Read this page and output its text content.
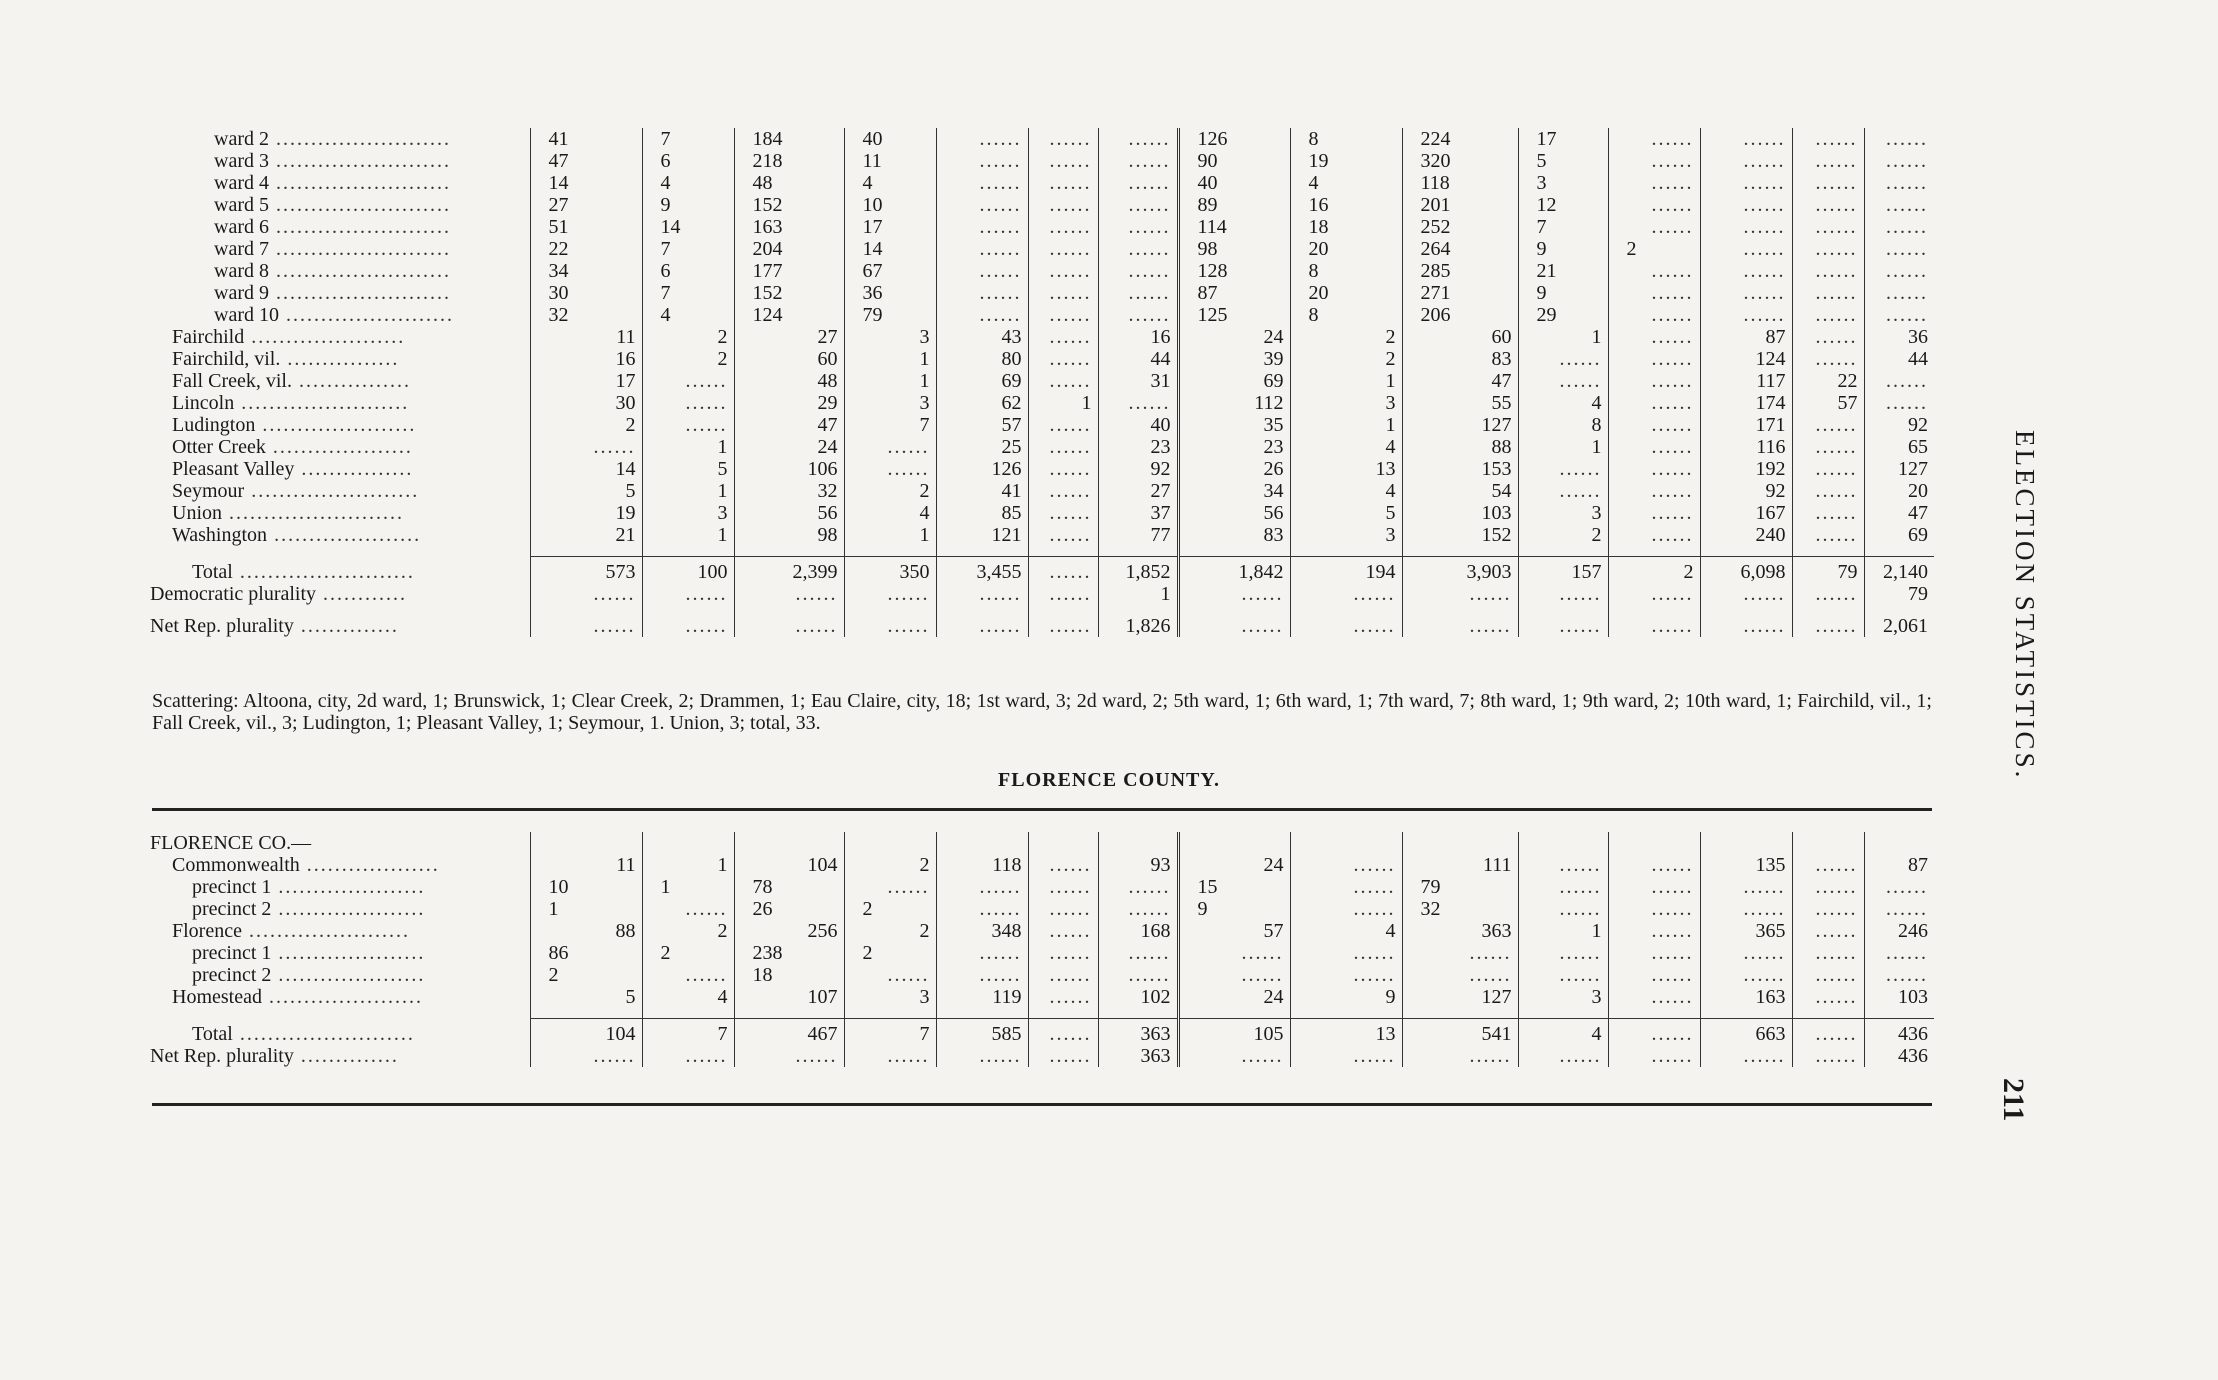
ward 2 .........................	41	7	184	40	......	......	......	126	8	224	17	......	......	......	......

ward 3 .........................	47	6	218	11	......	......	......	90	19	320	5	......	......	......	......

ward 4 .........................	14	4	48	4	......	......	......	40	4	118	3	......	......	......	......

ward 5 .........................	27	9	152	10	......	......	......	89	16	201	12	......	......	......	......

ward 6 .........................	51	14	163	17	......	......	......	114	18	252	7	......	......	......	......

ward 7 .........................	22	7	204	14	......	......	......	98	20	264	9	2	......	......	......

ward 8 .........................	34	6	177	67	......	......	......	128	8	285	21	......	......	......	......

ward 9 .........................	30	7	152	36	......	......	......	87	20	271	9	......	......	......	......

ward 10 ........................	32	4	124	79	......	......	......	125	8	206	29	......	......	......	......

Fairchild ......................	11	2	27	3	43	......	16	24	2	60	1	......	87	......	36

Fairchild, vil. ................	16	2	60	1	80	......	44	39	2	83	......	......	124	......	44

Fall Creek, vil. ................	17	......	48	1	69	......	31	69	1	47	......	......	117	22	......

Lincoln ........................	30	......	29	3	62	1	......	112	3	55	4	......	174	57	......

Ludington ......................	2	......	47	7	57	......	40	35	1	127	8	......	171	......	92

Otter Creek ....................	......	1	24	......	25	......	23	23	4	88	1	......	116	......	65

Pleasant Valley ................	14	5	106	......	126	......	92	26	13	153	......	......	192	......	127

Seymour ........................	5	1	32	2	41	......	27	34	4	54	......	......	92	......	20

Union .........................	19	3	56	4	85	......	37	56	5	103	3	......	167	......	47

Washington .....................	21	1	98	1	121	......	77	83	3	152	2	......	240	......	69

Total .........................	573	100	2,399	350	3,455	......	1,852	1,842	194	3,903	157	2	6,098	79	2,140

Democratic plurality ............	......	......	......	......	......	......	1	......	......	......	......	......	......	......	79

Net Rep. plurality ..............	......	......	......	......	......	......	1,826	......	......	......	......	......	......	......	2,061
Scattering: Altoona, city, 2d ward, 1; Brunswick, 1; Clear Creek, 2; Drammen, 1; Eau Claire, city, 18; 1st ward, 3; 2d ward, 2; 5th ward, 1; 6th ward, 1; 7th ward, 7; 8th ward, 1; 9th ward, 2; 10th ward, 1; Fairchild, vil., 1; Fall Creek, vil., 3; Ludington, 1; Pleasant Valley, 1; Seymour, 1. Union, 3; total, 33.
FLORENCE COUNTY.
FLORENCE CO.—	

Commonwealth ...................	11	1	104	2	118	......	93	24	......	111	......	......	135	......	87

precinct 1 .....................	10	1	78	......	......	......	......	15	......	79	......	......	......	......	......

precinct 2 .....................	1	......	26	2	......	......	......	9	......	32	......	......	......	......	......

Florence .......................	88	2	256	2	348	......	168	57	4	363	1	......	365	......	246

precinct 1 .....................	86	2	238	2	......	......	......	......	......	......	......	......	......	......	......

precinct 2 .....................	2	......	18	......	......	......	......	......	......	......	......	......	......	......	......

Homestead ......................	5	4	107	3	119	......	102	24	9	127	3	......	163	......	103

Total .........................	104	7	467	7	585	......	363	105	13	541	4	......	663	......	436

Net Rep. plurality ..............	......	......	......	......	......	......	363	......	......	......	......	......	......	......	436
ELECTION STATISTICS.
211
